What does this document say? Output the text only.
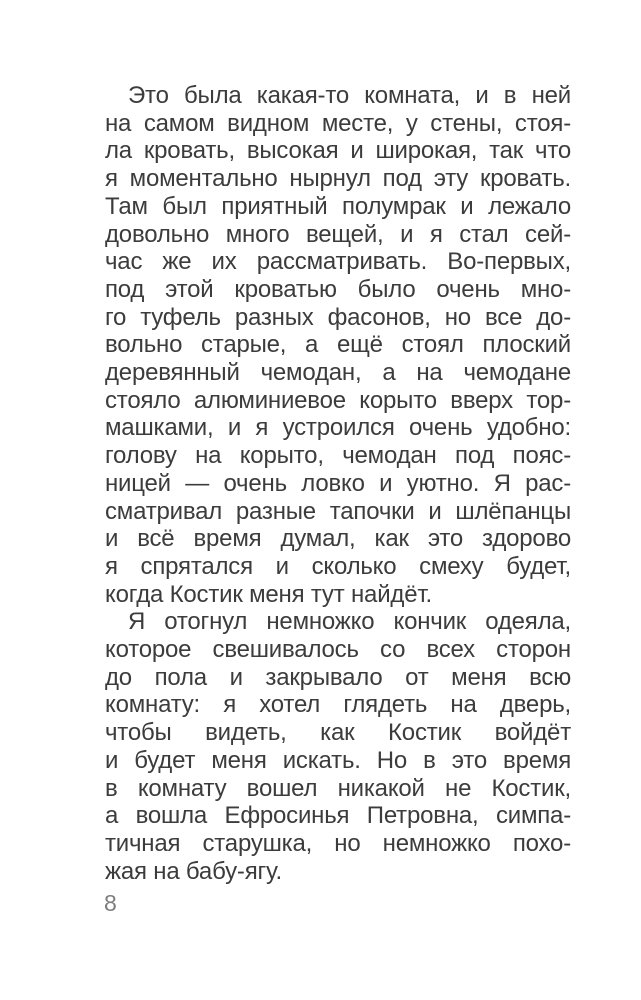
Это была какая-то комната, и в ней
на самом видном месте, у стены, стоя-
ла кровать, высокая и широкая, так что
я моментально нырнул под эту кровать.
Там был приятный полумрак и лежало
довольно много вещей, и я стал сей-
час же их рассматривать. Во-первых,
под этой кроватью было очень мно-
го туфель разных фасонов, но все до-
вольно старые, а ещё стоял плоский
деревянный чемодан, а на чемодане
стояло алюминиевое корыто вверх тор-
машками, и я устроился очень удобно:
голову на корыто, чемодан под пояс-
ницей — очень ловко и уютно. Я рас-
сматривал разные тапочки и шлёпанцы
и всё время думал, как это здорово
я спрятался и сколько смеху будет,
когда Костик меня тут найдёт.
Я отогнул немножко кончик одеяла,
которое свешивалось со всех сторон
до пола и закрывало от меня всю
комнату: я хотел глядеть на дверь,
чтобы видеть, как Костик войдёт
и будет меня искать. Но в это время
в комнату вошел никакой не Костик,
а вошла Ефросинья Петровна, симпа-
тичная старушка, но немножко похо-
жая на бабу-ягу.
8
